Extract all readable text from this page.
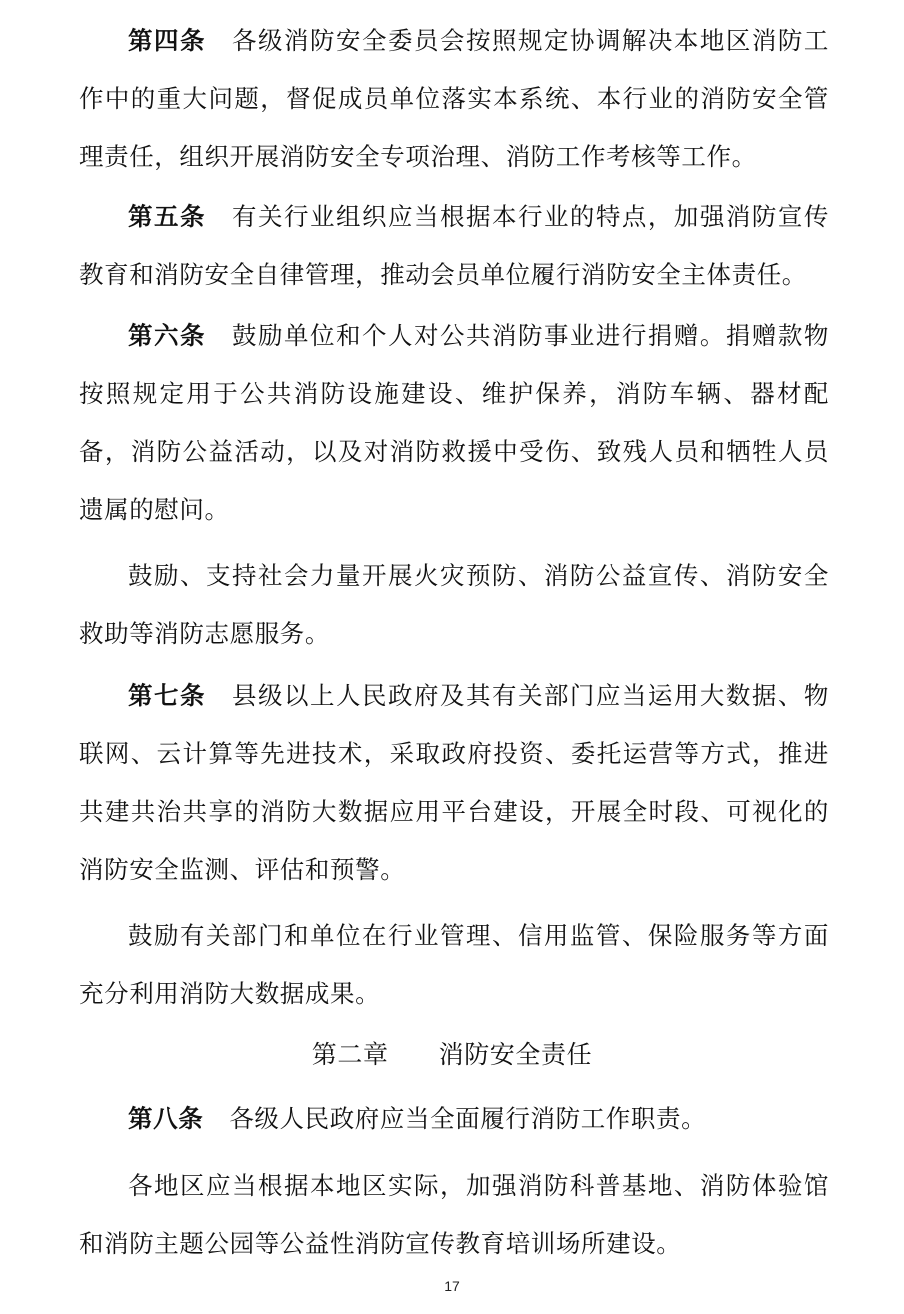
第四条 各级消防安全委员会按照规定协调解决本地区消防工作中的重大问题，督促成员单位落实本系统、本行业的消防安全管理责任，组织开展消防安全专项治理、消防工作考核等工作。

第五条 有关行业组织应当根据本行业的特点，加强消防宣传教育和消防安全自律管理，推动会员单位履行消防安全主体责任。

第六条 鼓励单位和个人对公共消防事业进行捐赠。捐赠款物按照规定用于公共消防设施建设、维护保养，消防车辆、器材配备，消防公益活动，以及对消防救援中受伤、致残人员和牺牲人员遗属的慰问。

鼓励、支持社会力量开展火灾预防、消防公益宣传、消防安全救助等消防志愿服务。

第七条 县级以上人民政府及其有关部门应当运用大数据、物联网、云计算等先进技术，采取政府投资、委托运营等方式，推进共建共治共享的消防大数据应用平台建设，开展全时段、可视化的消防安全监测、评估和预警。

鼓励有关部门和单位在行业管理、信用监管、保险服务等方面充分利用消防大数据成果。

第二章 消防安全责任

第八条 各级人民政府应当全面履行消防工作职责。

各地区应当根据本地区实际，加强消防科普基地、消防体验馆和消防主题公园等公益性消防宣传教育培训场所建设。

17
